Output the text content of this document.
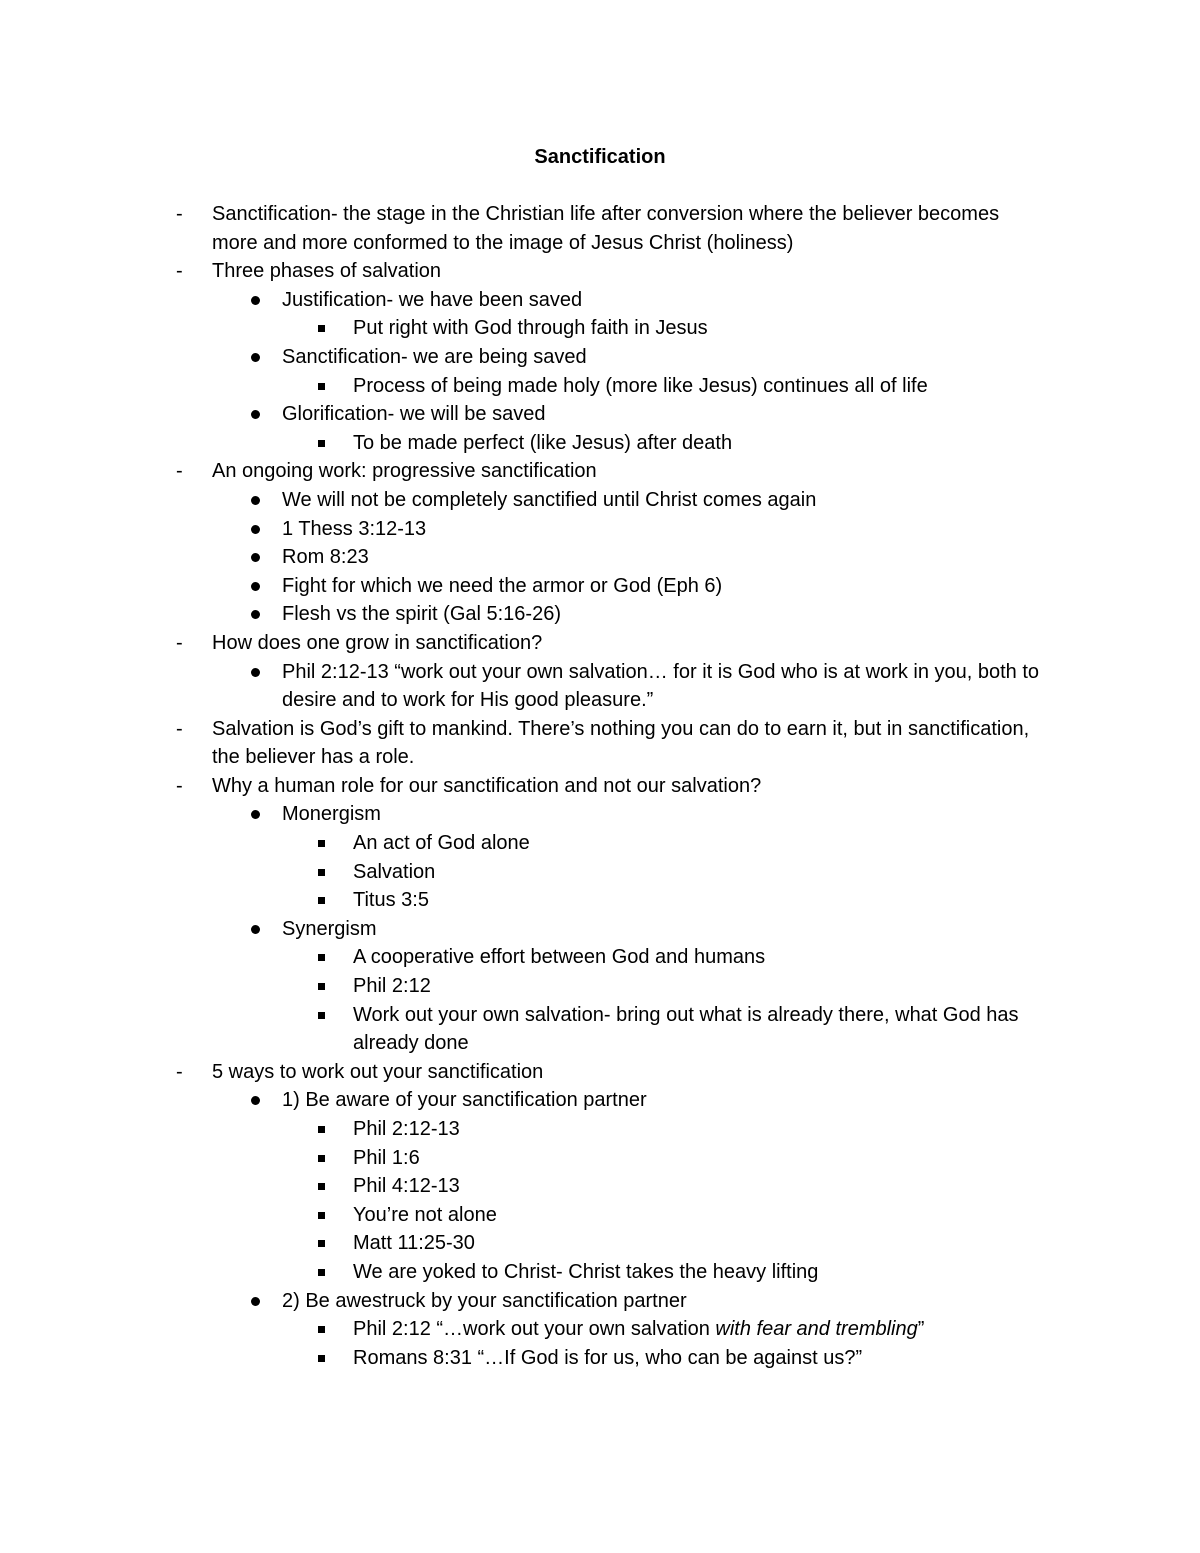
Sanctification
- Sanctification- the stage in the Christian life after conversion where the believer becomes more and more conformed to the image of Jesus Christ (holiness)
- Three phases of salvation
Justification- we have been saved
Put right with God through faith in Jesus
Sanctification- we are being saved
Process of being made holy (more like Jesus) continues all of life
Glorification- we will be saved
To be made perfect (like Jesus) after death
- An ongoing work: progressive sanctification
We will not be completely sanctified until Christ comes again
1 Thess 3:12-13
Rom 8:23
Fight for which we need the armor or God (Eph 6)
Flesh vs the spirit (Gal 5:16-26)
- How does one grow in sanctification?
Phil 2:12-13 “work out your own salvation… for it is God who is at work in you, both to desire and to work for His good pleasure.”
- Salvation is God’s gift to mankind. There’s nothing you can do to earn it, but in sanctification, the believer has a role.
- Why a human role for our sanctification and not our salvation?
Monergism
An act of God alone
Salvation
Titus 3:5
Synergism
A cooperative effort between God and humans
Phil 2:12
Work out your own salvation- bring out what is already there, what God has already done
- 5 ways to work out your sanctification
1) Be aware of your sanctification partner
Phil 2:12-13
Phil 1:6
Phil 4:12-13
You’re not alone
Matt 11:25-30
We are yoked to Christ- Christ takes the heavy lifting
2) Be awestruck by your sanctification partner
Phil 2:12 “…work out your own salvation with fear and trembling”
Romans 8:31 “…If God is for us, who can be against us?”
